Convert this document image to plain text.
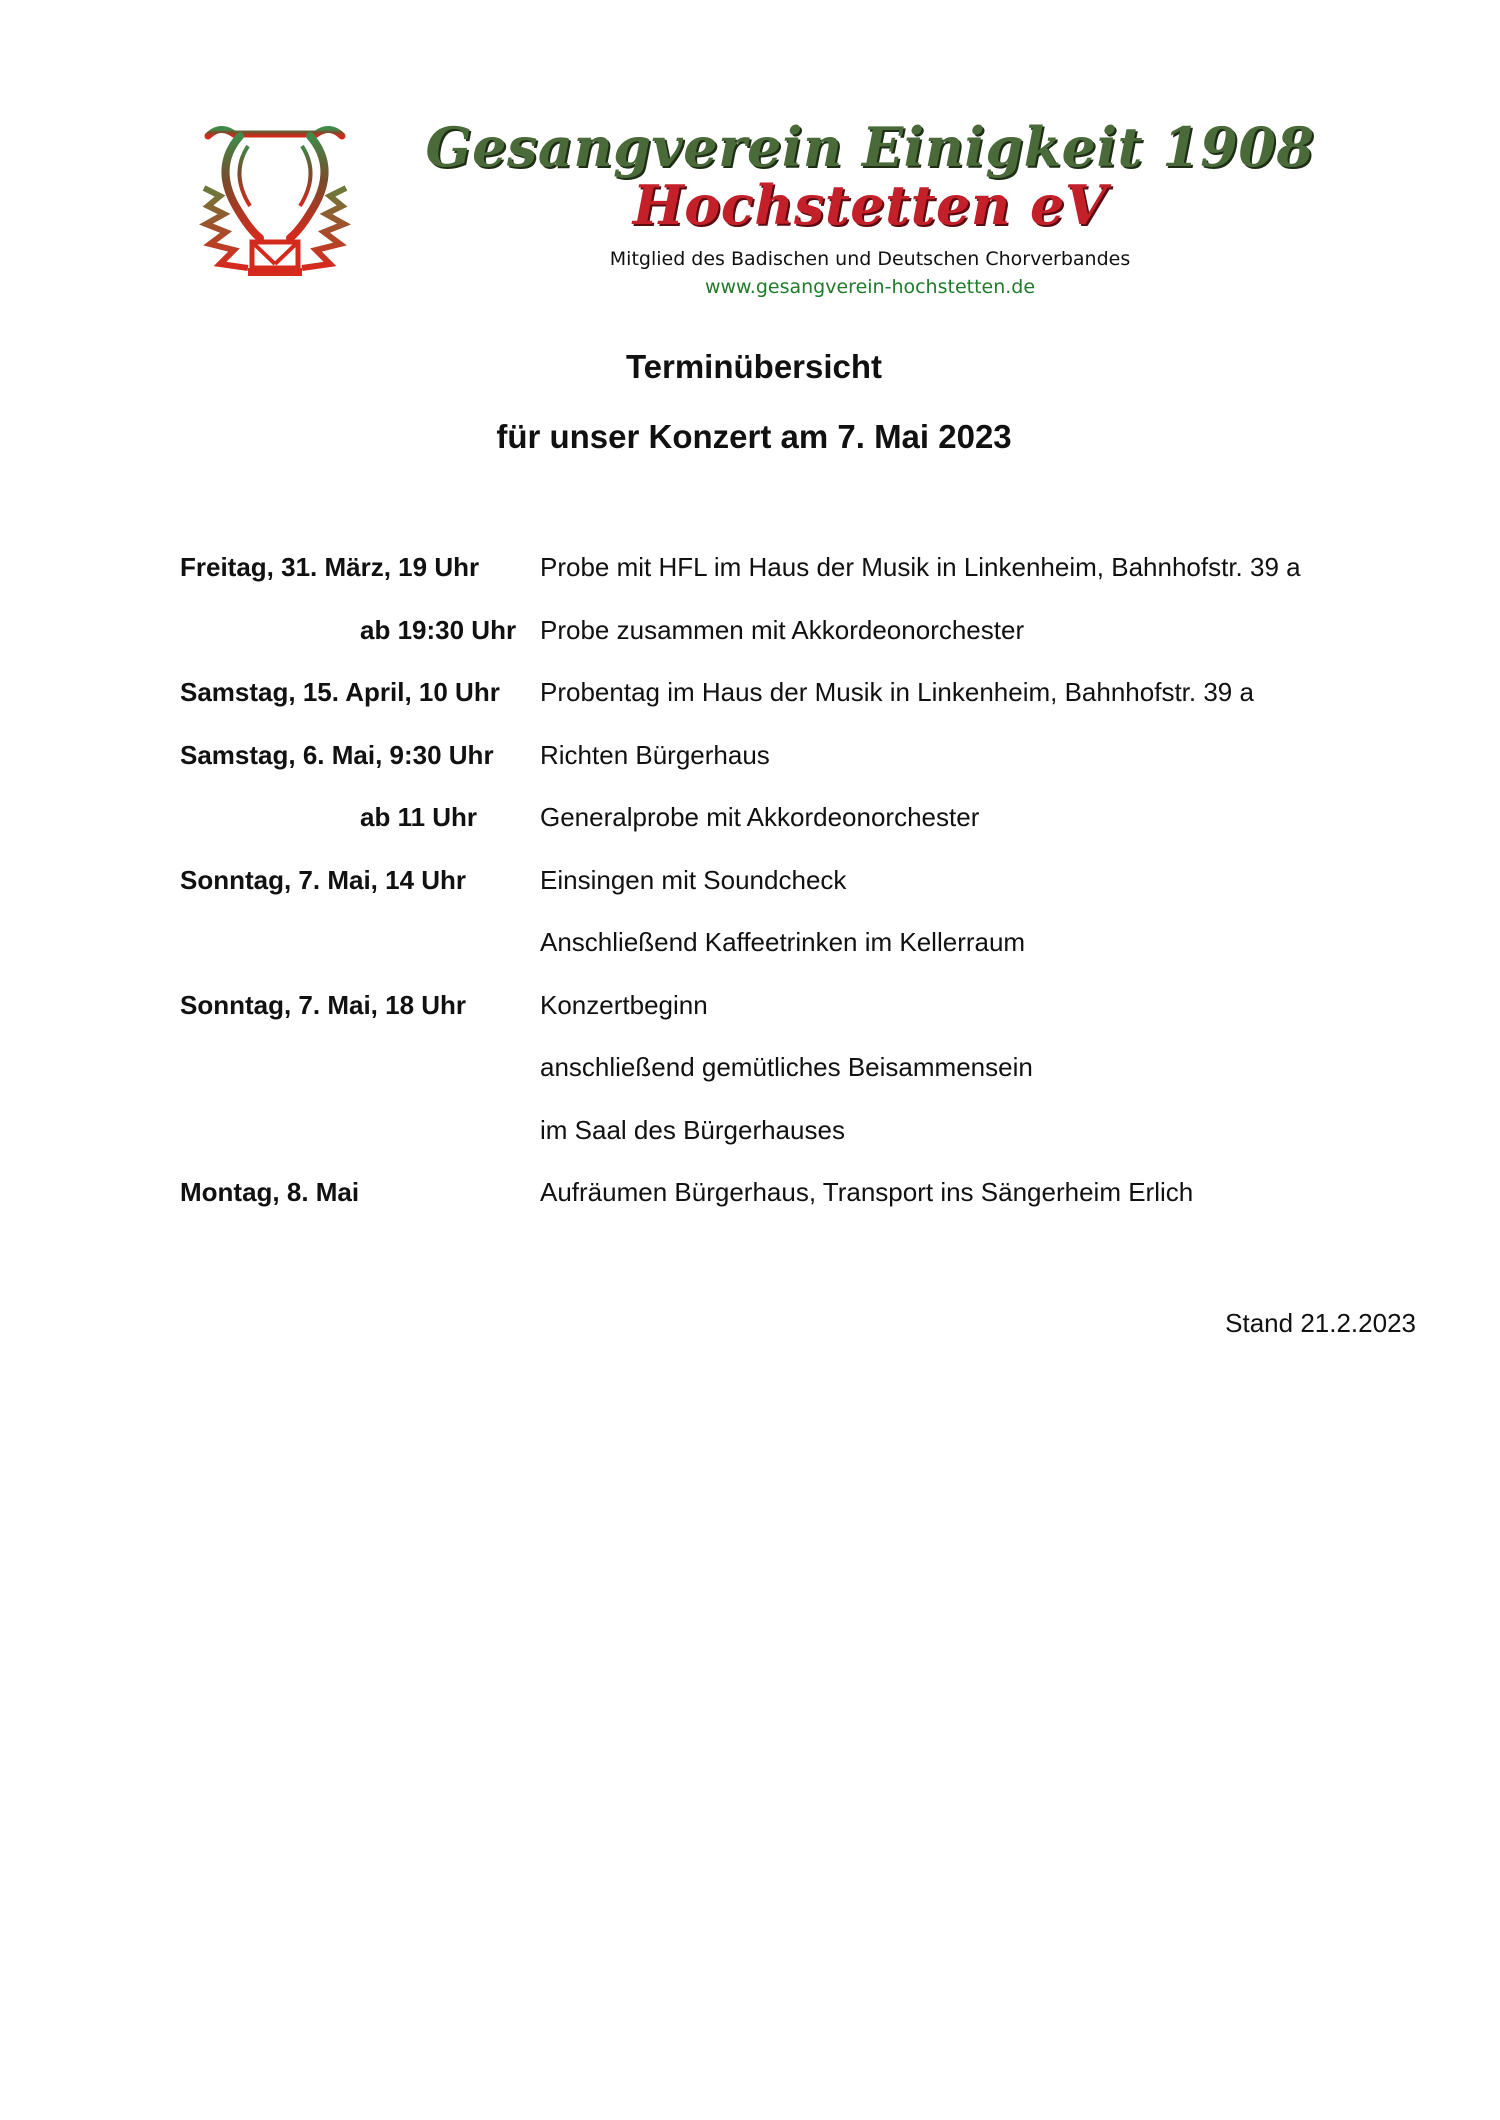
Gesangverein Einigkeit 1908
Hochstetten eV
Mitglied des Badischen und Deutschen Chorverbandes
www.gesangverein-hochstetten.de
Terminübersicht
für unser Konzert am 7. Mai 2023
Freitag, 31. März, 19 Uhr	Probe mit HFL im Haus der Musik in Linkenheim, Bahnhofstr. 39 a
ab 19:30 Uhr Probe zusammen mit Akkordeonorchester
Samstag, 15. April, 10 Uhr	Probentag im Haus der Musik in Linkenheim, Bahnhofstr. 39 a
Samstag, 6. Mai, 9:30 Uhr	Richten Bürgerhaus
ab 11 Uhr	Generalprobe mit Akkordeonorchester
Sonntag, 7. Mai, 14 Uhr	Einsingen mit Soundcheck
Anschließend Kaffeetrinken im Kellerraum
Sonntag, 7. Mai, 18 Uhr	Konzertbeginn
anschließend gemütliches Beisammensein
im Saal des Bürgerhauses
Montag, 8. Mai	Aufräumen Bürgerhaus, Transport ins Sängerheim Erlich
Stand 21.2.2023
